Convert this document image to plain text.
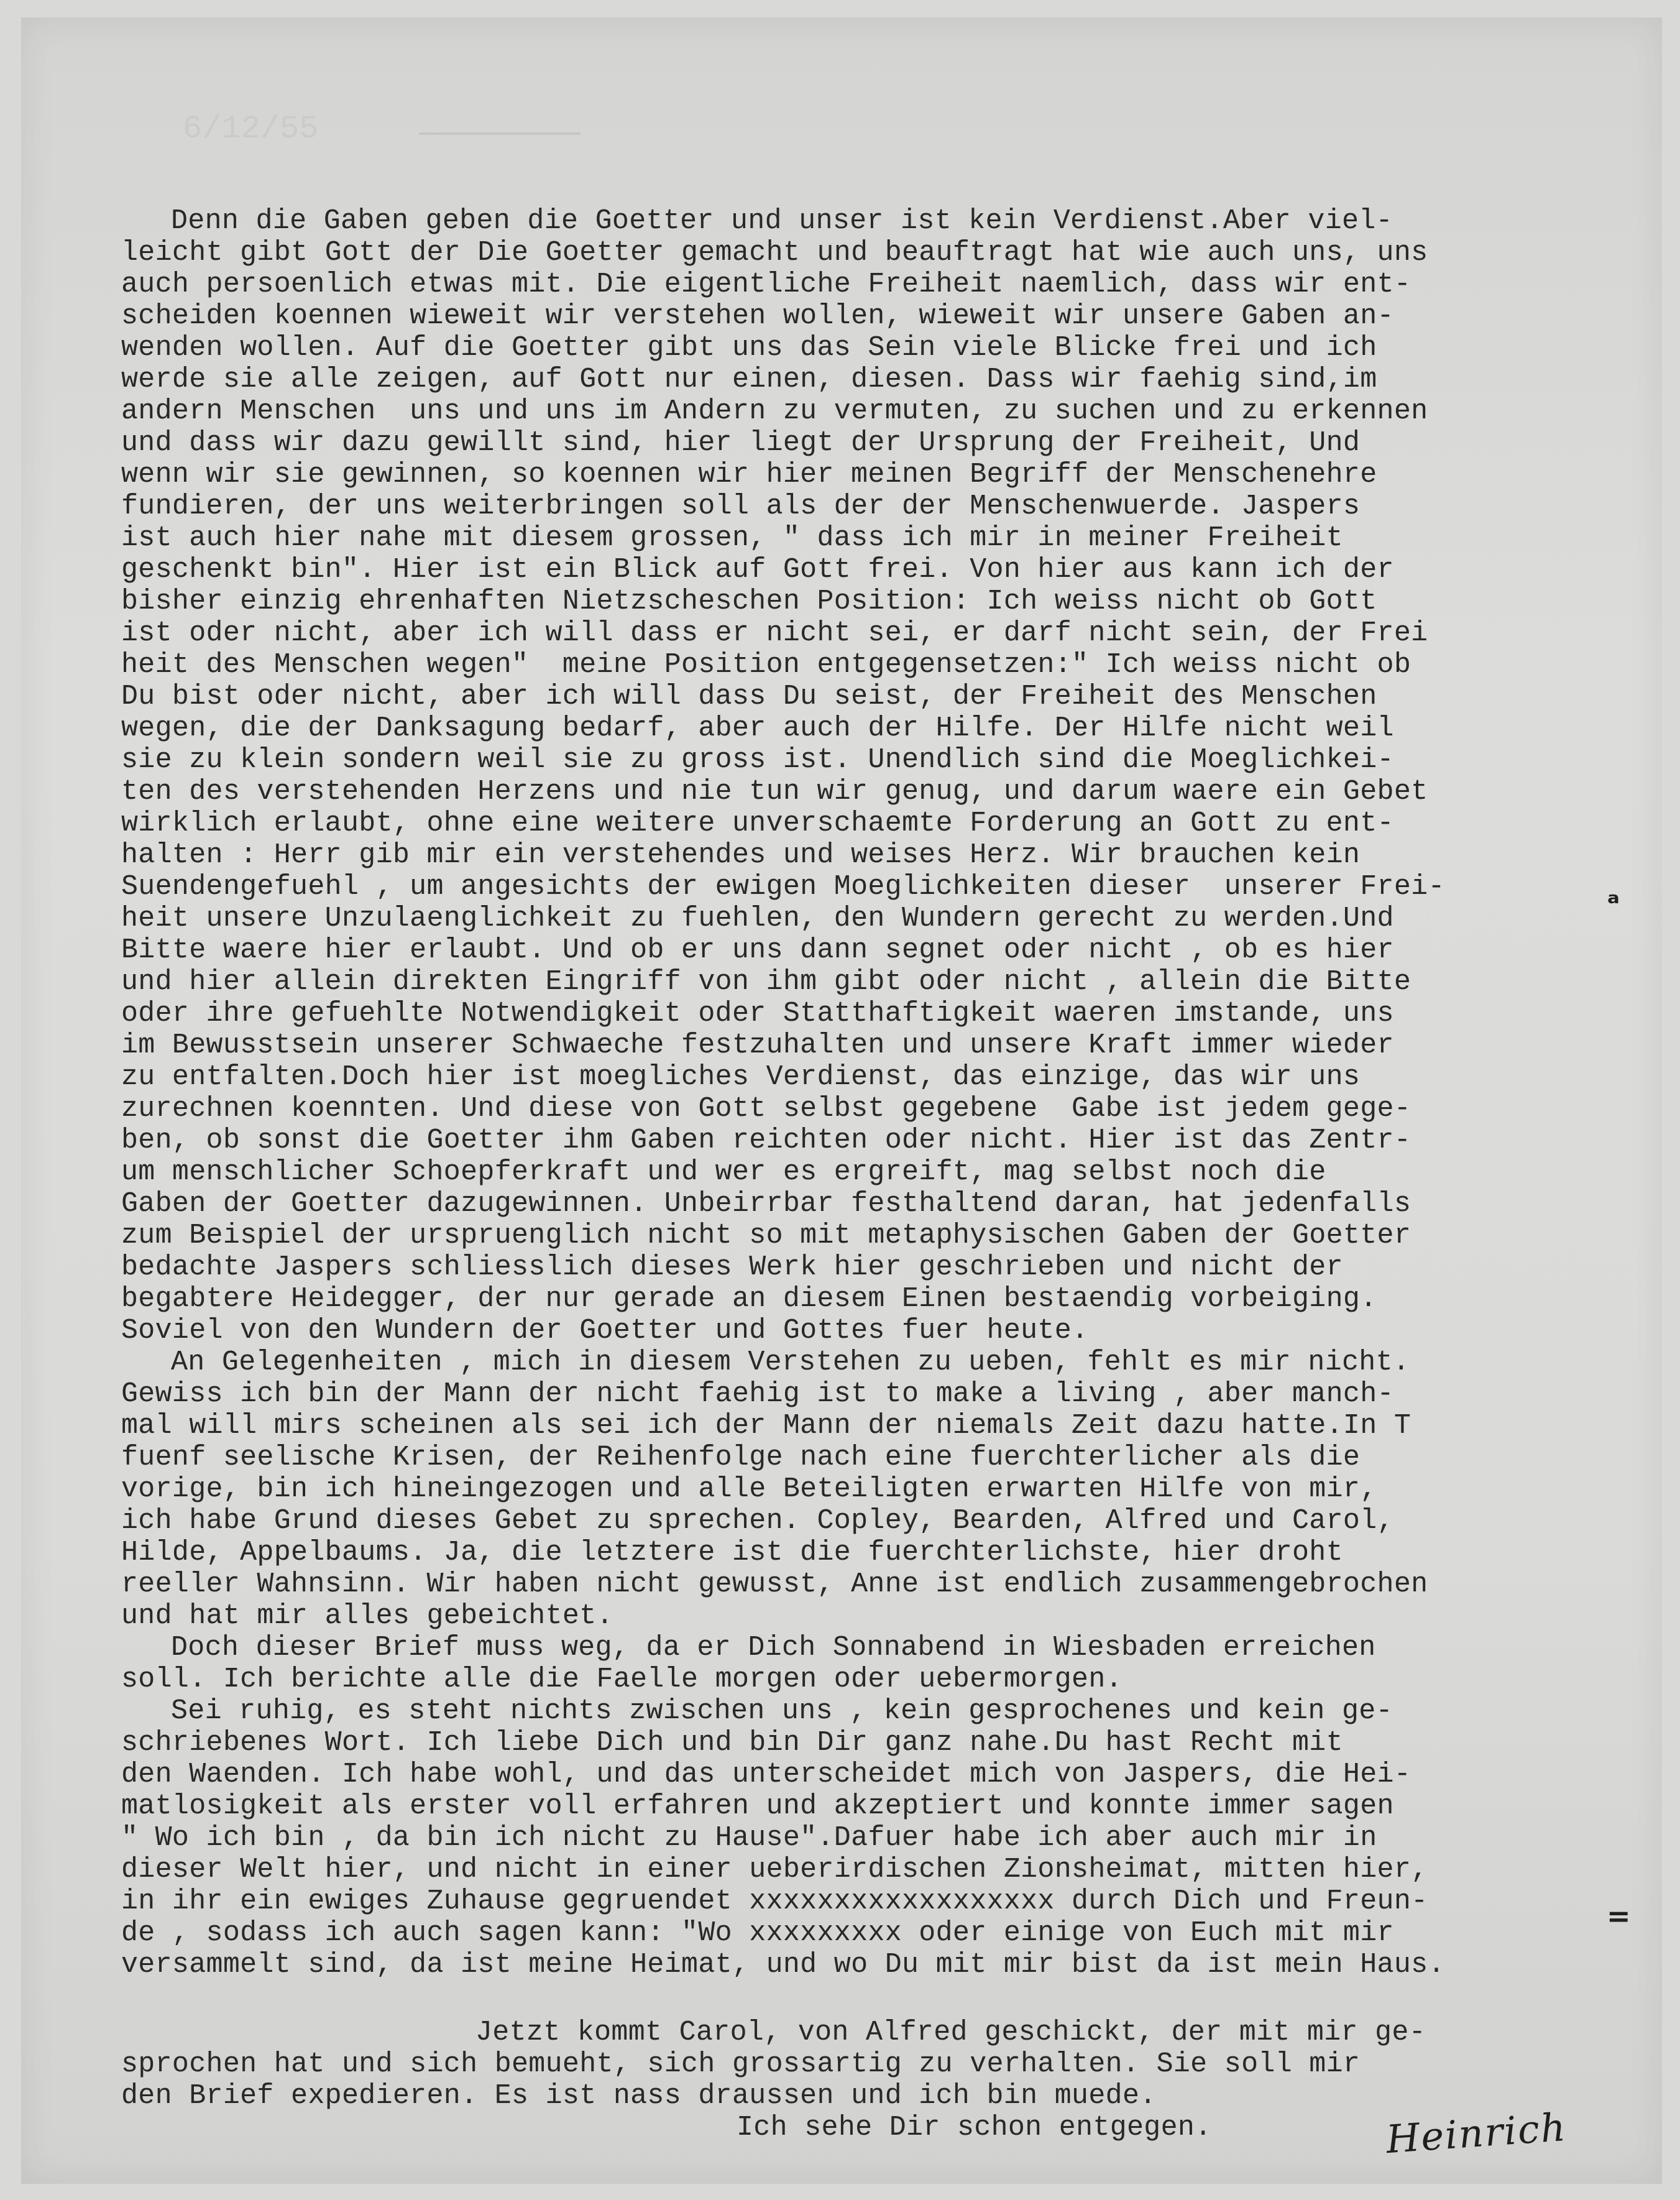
6/12/55
Denn die Gaben geben die Goetter und unser ist kein Verdienst.Aber viel-
leicht gibt Gott der Die Goetter gemacht und beauftragt hat wie auch uns, uns
auch persoenlich etwas mit. Die eigentliche Freiheit naemlich, dass wir ent-
scheiden koennen wieweit wir verstehen wollen, wieweit wir unsere Gaben an-
wenden wollen. Auf die Goetter gibt uns das Sein viele Blicke frei und ich
werde sie alle zeigen, auf Gott nur einen, diesen. Dass wir faehig sind,im
andern Menschen  uns und uns im Andern zu vermuten, zu suchen und zu erkennen
und dass wir dazu gewillt sind, hier liegt der Ursprung der Freiheit, Und
wenn wir sie gewinnen, so koennen wir hier meinen Begriff der Menschenehre
fundieren, der uns weiterbringen soll als der der Menschenwuerde. Jaspers
ist auch hier nahe mit diesem grossen, " dass ich mir in meiner Freiheit
geschenkt bin". Hier ist ein Blick auf Gott frei. Von hier aus kann ich der
bisher einzig ehrenhaften Nietzscheschen Position: Ich weiss nicht ob Gott
ist oder nicht, aber ich will dass er nicht sei, er darf nicht sein, der Frei
heit des Menschen wegen"  meine Position entgegensetzen:" Ich weiss nicht ob
Du bist oder nicht, aber ich will dass Du seist, der Freiheit des Menschen
wegen, die der Danksagung bedarf, aber auch der Hilfe. Der Hilfe nicht weil
sie zu klein sondern weil sie zu gross ist. Unendlich sind die Moeglichkei-
ten des verstehenden Herzens und nie tun wir genug, und darum waere ein Gebet
wirklich erlaubt, ohne eine weitere unverschaemte Forderung an Gott zu ent-
halten : Herr gib mir ein verstehendes und weises Herz. Wir brauchen kein
Suendengefuehl , um angesichts der ewigen Moeglichkeiten dieser  unserer Frei-
heit unsere Unzulaenglichkeit zu fuehlen, den Wundern gerecht zu werden.Und
Bitte waere hier erlaubt. Und ob er uns dann segnet oder nicht , ob es hier
und hier allein direkten Eingriff von ihm gibt oder nicht , allein die Bitte
oder ihre gefuehlte Notwendigkeit oder Statthaftigkeit waeren imstande, uns
im Bewusstsein unserer Schwaeche festzuhalten und unsere Kraft immer wieder
zu entfalten.Doch hier ist moegliches Verdienst, das einzige, das wir uns
zurechnen koennten. Und diese von Gott selbst gegebene  Gabe ist jedem gege-
ben, ob sonst die Goetter ihm Gaben reichten oder nicht. Hier ist das Zentr-
um menschlicher Schoepferkraft und wer es ergreift, mag selbst noch die
Gaben der Goetter dazugewinnen. Unbeirrbar festhaltend daran, hat jedenfalls
zum Beispiel der urspruenglich nicht so mit metaphysischen Gaben der Goetter
bedachte Jaspers schliesslich dieses Werk hier geschrieben und nicht der
begabtere Heidegger, der nur gerade an diesem Einen bestaendig vorbeiging.
Soviel von den Wundern der Goetter und Gottes fuer heute.
An Gelegenheiten , mich in diesem Verstehen zu ueben, fehlt es mir nicht.
Gewiss ich bin der Mann der nicht faehig ist to make a living , aber manch-
mal will mirs scheinen als sei ich der Mann der niemals Zeit dazu hatte.In T
fuenf seelische Krisen, der Reihenfolge nach eine fuerchterlicher als die
vorige, bin ich hineingezogen und alle Beteiligten erwarten Hilfe von mir,
ich habe Grund dieses Gebet zu sprechen. Copley, Bearden, Alfred und Carol,
Hilde, Appelbaums. Ja, die letztere ist die fuerchterlichste, hier droht
reeller Wahnsinn. Wir haben nicht gewusst, Anne ist endlich zusammengebrochen
und hat mir alles gebeichtet.
Doch dieser Brief muss weg, da er Dich Sonnabend in Wiesbaden erreichen
soll. Ich berichte alle die Faelle morgen oder uebermorgen.
Sei ruhig, es steht nichts zwischen uns , kein gesprochenes und kein ge-
schriebenes Wort. Ich liebe Dich und bin Dir ganz nahe.Du hast Recht mit
den Waenden. Ich habe wohl, und das unterscheidet mich von Jaspers, die Hei-
matlosigkeit als erster voll erfahren und akzeptiert und konnte immer sagen
" Wo ich bin , da bin ich nicht zu Hause".Dafuer habe ich aber auch mir in
dieser Welt hier, und nicht in einer ueberirdischen Zionsheimat, mitten hier,
in ihr ein ewiges Zuhause gegruendet xxxxxxxxxxxxxxxxxx durch Dich und Freun-
de , sodass ich auch sagen kann: "Wo xxxxxxxxx oder einige von Euch mit mir
versammelt sind, da ist meine Heimat, und wo Du mit mir bist da ist mein Haus.
Jetzt kommt Carol, von Alfred geschickt, der mit mir ge-
sprochen hat und sich bemueht, sich grossartig zu verhalten. Sie soll mir
den Brief expedieren. Es ist nass draussen und ich bin muede.
Ich sehe Dir schon entgegen.	Heinrich
ᵃ
=
